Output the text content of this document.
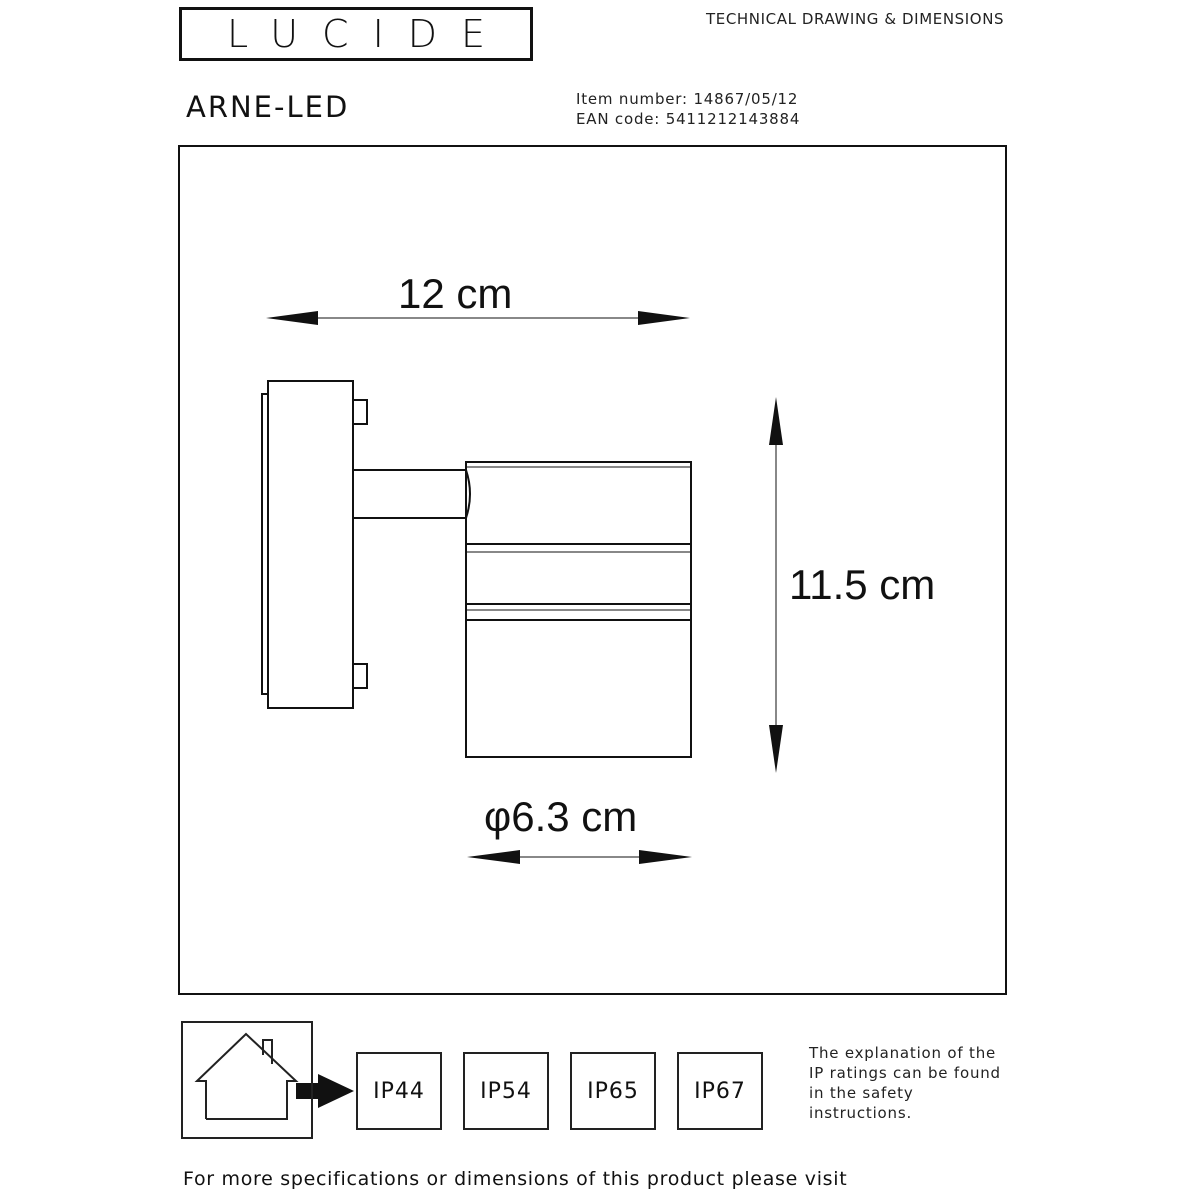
LUCIDE	TECHNICAL DRAWING & DIMENSIONS
ARNE-LED	Item number: 14867/05/12
EAN code: 5411212143884
12 cm
11.5 cm
φ6.3 cm
IP44	IP54	IP65	IP67
The explanation of the
IP ratings can be found
in the safety
instructions.
For more specifications or dimensions of this product please visit
